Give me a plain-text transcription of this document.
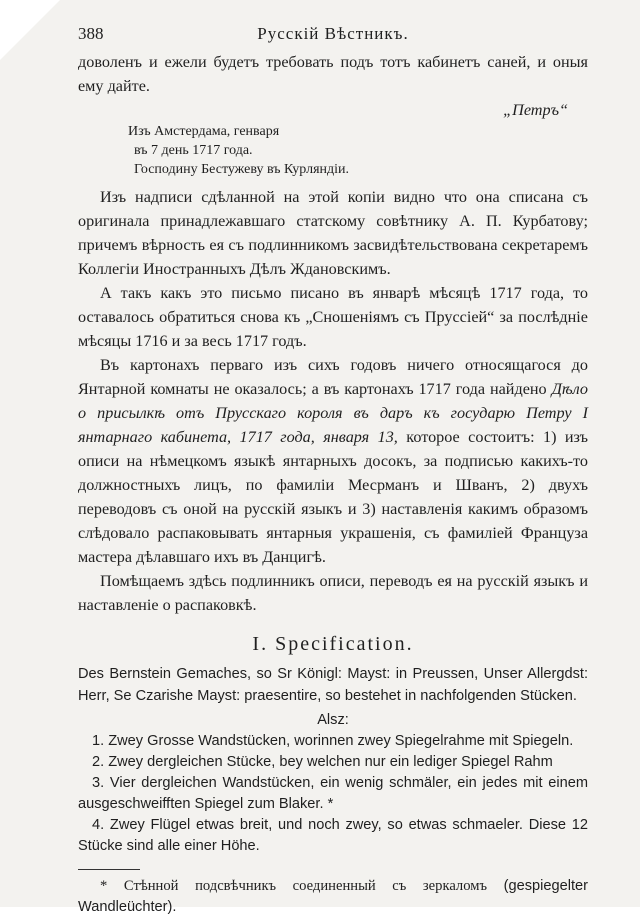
388	Русскій Вѣстникъ.

доволенъ и ежели будетъ требовать подъ тотъ кабинетъ саней, и оныя ему дайте.

„Петръ“

Изъ Амстердама, генваря

въ 7 день 1717 года.

Господину Бестужеву въ Курляндіи.

Изъ надписи сдѣланной на этой копіи видно что она списана съ оригинала принадлежавшаго статскому совѣтнику А. П. Курбатову; причемъ вѣрность ея съ подлинникомъ засвидѣтельствована секретаремъ Коллегіи Иностранныхъ Дѣлъ Ждановскимъ.

А такъ какъ это письмо писано въ январѣ мѣсяцѣ 1717 года, то оставалось обратиться снова къ „Сношеніямъ съ Пруссіей“ за послѣдніе мѣсяцы 1716 и за весь 1717 годъ.

Въ картонахъ перваго изъ сихъ годовъ ничего относящагося до Янтарной комнаты не оказалось; а въ картонахъ 1717 года найдено Дѣло о присылкѣ отъ Прусскаго короля въ даръ къ государю Петру I янтарнаго кабинета, 1717 года, января 13, которое состоитъ: 1) изъ описи на нѣмецкомъ языкѣ янтарныхъ досокъ, за подписью какихъ-то должностныхъ лицъ, по фамиліи Месрманъ и Шванъ, 2) двухъ переводовъ съ оной на русскій языкъ и 3) наставленія какимъ образомъ слѣдовало распаковывать янтарныя украшенія, съ фамиліей Француза мастера дѣлавшаго ихъ въ Данцигѣ.

Помѣщаемъ здѣсь подлинникъ описи, переводъ ея на русскій языкъ и наставленіе о распаковкѣ.

I. Specification.

Des Bernstein Gemaches, so Sr Königl: Mayst: in Preussen, Unser Allergdst: Herr, Se Czarishe Mayst: praesentire, so bestehet in nachfolgenden Stücken.

Alsz:

1. Zwey Grosse Wandstücken, worinnen zwey Spiegelrahme mit Spiegeln.

2. Zwey dergleichen Stücke, bey welchen nur ein lediger Spiegel Rahm

3. Vier dergleichen Wandstücken, ein wenig schmäler, ein jedes mit einem ausgeschweifften Spiegel zum Blaker. *

4. Zwey Flügel etwas breit, und noch zwey, so etwas schmaeler. Diese 12 Stücke sind alle einer Höhe.

* Стѣнной подсвѣчникъ соединенный съ зеркаломъ (gespiegelter Wandleüchter).
